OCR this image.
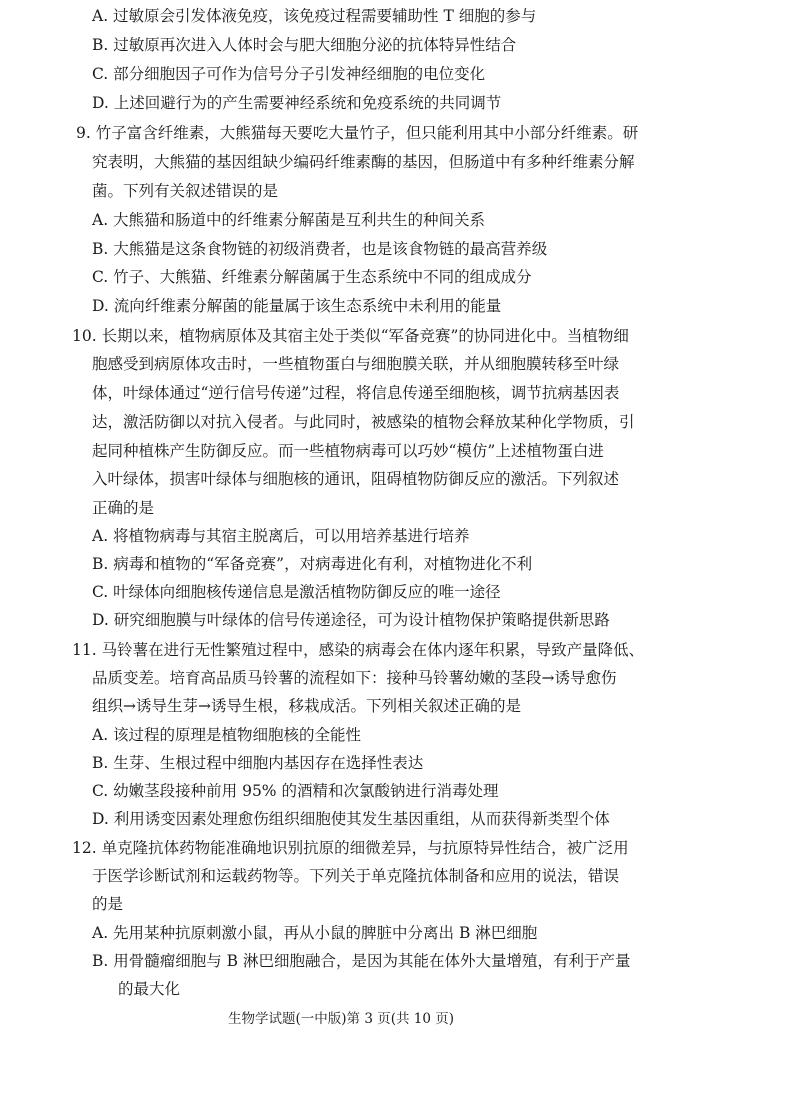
A. 过敏原会引发体液免疫，该免疫过程需要辅助性 T 细胞的参与

B. 过敏原再次进入人体时会与肥大细胞分泌的抗体特异性结合

C. 部分细胞因子可作为信号分子引发神经细胞的电位变化

D. 上述回避行为的产生需要神经系统和免疫系统的共同调节

9. 竹子富含纤维素，大熊猫每天要吃大量竹子，但只能利用其中小部分纤维素。研

究表明，大熊猫的基因组缺少编码纤维素酶的基因，但肠道中有多种纤维素分解

菌。下列有关叙述错误的是

A. 大熊猫和肠道中的纤维素分解菌是互利共生的种间关系

B. 大熊猫是这条食物链的初级消费者，也是该食物链的最高营养级

C. 竹子、大熊猫、纤维素分解菌属于生态系统中不同的组成成分

D. 流向纤维素分解菌的能量属于该生态系统中未利用的能量

10. 长期以来，植物病原体及其宿主处于类似“军备竞赛”的协同进化中。当植物细

胞感受到病原体攻击时，一些植物蛋白与细胞膜关联，并从细胞膜转移至叶绿

体，叶绿体通过“逆行信号传递”过程，将信息传递至细胞核，调节抗病基因表

达，激活防御以对抗入侵者。与此同时，被感染的植物会释放某种化学物质，引

起同种植株产生防御反应。而一些植物病毒可以巧妙“模仿”上述植物蛋白进

入叶绿体，损害叶绿体与细胞核的通讯，阻碍植物防御反应的激活。下列叙述

正确的是

A. 将植物病毒与其宿主脱离后，可以用培养基进行培养

B. 病毒和植物的“军备竞赛”，对病毒进化有利，对植物进化不利

C. 叶绿体向细胞核传递信息是激活植物防御反应的唯一途径

D. 研究细胞膜与叶绿体的信号传递途径，可为设计植物保护策略提供新思路

11. 马铃薯在进行无性繁殖过程中，感染的病毒会在体内逐年积累，导致产量降低、

品质变差。培育高品质马铃薯的流程如下：接种马铃薯幼嫩的茎段→诱导愈伤

组织→诱导生芽→诱导生根，移栽成活。下列相关叙述正确的是

A. 该过程的原理是植物细胞核的全能性

B. 生芽、生根过程中细胞内基因存在选择性表达

C. 幼嫩茎段接种前用 95% 的酒精和次氯酸钠进行消毒处理

D. 利用诱变因素处理愈伤组织细胞使其发生基因重组，从而获得新类型个体

12. 单克隆抗体药物能准确地识别抗原的细微差异，与抗原特异性结合，被广泛用

于医学诊断试剂和运载药物等。下列关于单克隆抗体制备和应用的说法，错误

的是

A. 先用某种抗原刺激小鼠，再从小鼠的脾脏中分离出 B 淋巴细胞

B. 用骨髓瘤细胞与 B 淋巴细胞融合，是因为其能在体外大量增殖，有利于产量

的最大化

生物学试题(一中版)第 3 页(共 10 页)
